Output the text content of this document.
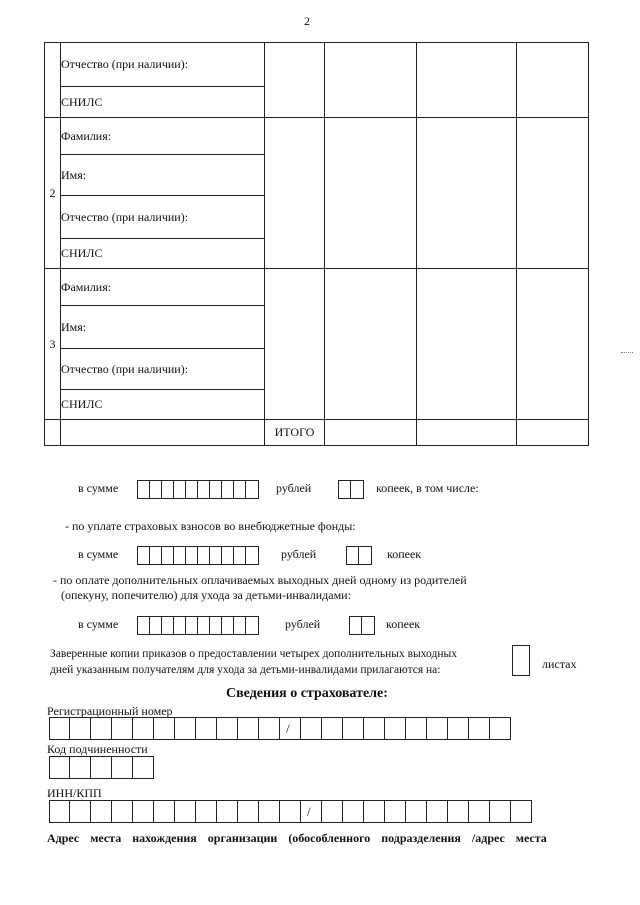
2
	Отчество (при наличии):				
	СНИЛС				
2	Фамилия:				
	Имя:				
	Отчество (при наличии):				
	СНИЛС				
3	Фамилия:				
	Имя:				
	Отчество (при наличии):				
	СНИЛС				
		ИТОГО			
в сумме	рублей	копеек, в том числе:
- по уплате страховых взносов во внебюджетные фонды:
в сумме	рублей	копеек
- по оплате дополнительных оплачиваемых выходных дней одному из родителей
(опекуну, попечителю) для ухода за детьми-инвалидами:
в сумме	рублей	копеек
Заверенные копии приказов о предоставлении четырех дополнительных выходных
дней указанным получателям для ухода за детьми-инвалидами прилагаются на:	листах
Сведения о страхователе:
Регистрационный номер
/
Код подчиненности
ИНН/КПП
/
Адрес места нахождения организации (обособленного подразделения /адрес места
